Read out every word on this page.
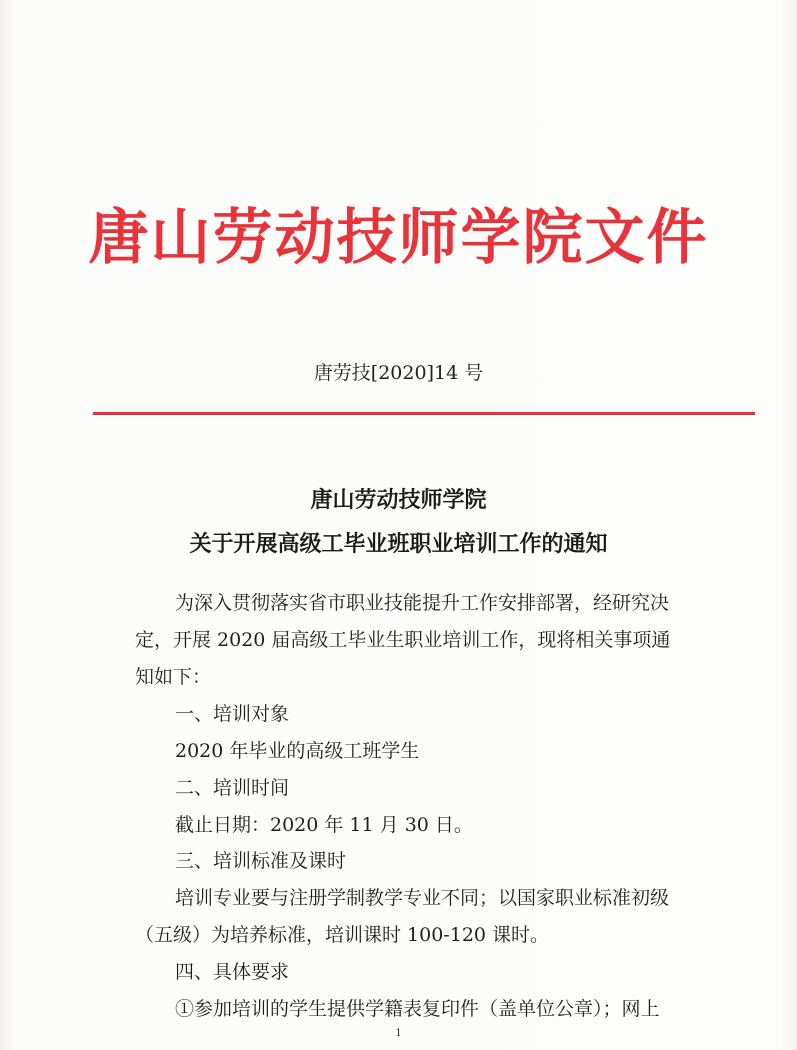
唐山劳动技师学院文件
唐劳技[2020]14 号
唐山劳动技师学院
关于开展高级工毕业班职业培训工作的通知
为深入贯彻落实省市职业技能提升工作安排部署，经研究决
定，开展 2020 届高级工毕业生职业培训工作，现将相关事项通
知如下：
一、培训对象
2020 年毕业的高级工班学生
二、培训时间
截止日期：2020 年 11 月 30 日。
三、培训标准及课时
培训专业要与注册学制教学专业不同；以国家职业标准初级
（五级）为培养标准，培训课时 100-120 课时。
四、具体要求
①参加培训的学生提供学籍表复印件（盖单位公章）；网上
1
